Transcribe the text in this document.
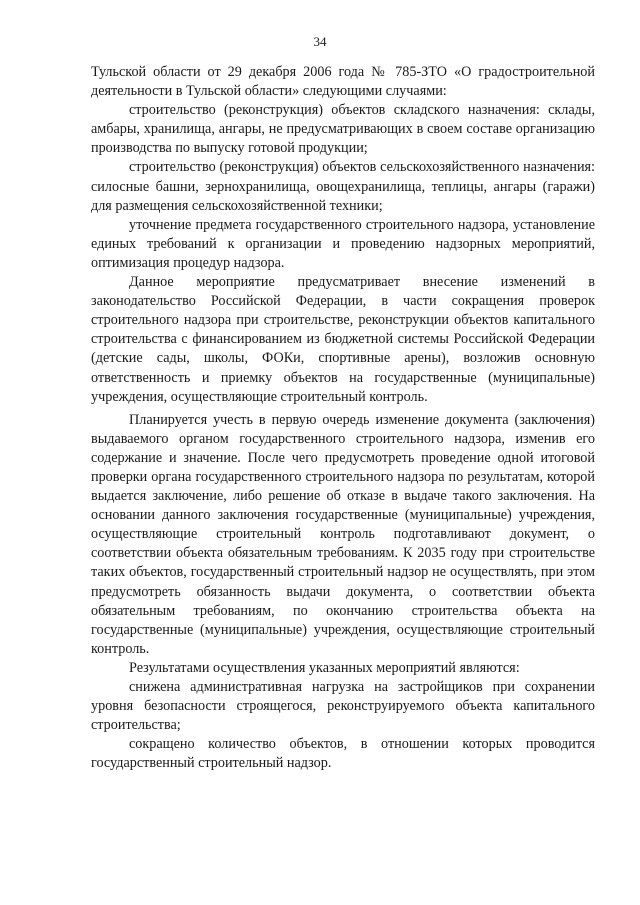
34

Тульской области от 29 декабря 2006 года № 785-ЗТО «О градостроительной деятельности в Тульской области» следующими случаями:

строительство (реконструкция) объектов складского назначения: склады, амбары, хранилища, ангары, не предусматривающих в своем составе организацию производства по выпуску готовой продукции;

строительство (реконструкция) объектов сельскохозяйственного назначения: силосные башни, зернохранилища, овощехранилища, теплицы, ангары (гаражи) для размещения сельскохозяйственной техники;

уточнение предмета государственного строительного надзора, установление единых требований к организации и проведению надзорных мероприятий, оптимизация процедур надзора.

Данное мероприятие предусматривает внесение изменений в законодательство Российской Федерации, в части сокращения проверок строительного надзора при строительстве, реконструкции объектов капитального строительства с финансированием из бюджетной системы Российской Федерации (детские сады, школы, ФОКи, спортивные арены), возложив основную ответственность и приемку объектов на государственные (муниципальные) учреждения, осуществляющие строительный контроль.

Планируется учесть в первую очередь изменение документа (заключения) выдаваемого органом государственного строительного надзора, изменив его содержание и значение. После чего предусмотреть проведение одной итоговой проверки органа государственного строительного надзора по результатам, которой выдается заключение, либо решение об отказе в выдаче такого заключения. На основании данного заключения государственные (муниципальные) учреждения, осуществляющие строительный контроль подготавливают документ, о соответствии объекта обязательным требованиям. К 2035 году при строительстве таких объектов, государственный строительный надзор не осуществлять, при этом предусмотреть обязанность выдачи документа, о соответствии объекта обязательным требованиям, по окончанию строительства объекта на государственные (муниципальные) учреждения, осуществляющие строительный контроль.

Результатами осуществления указанных мероприятий являются:

снижена административная нагрузка на застройщиков при сохранении уровня безопасности строящегося, реконструируемого объекта капитального строительства;

сокращено количество объектов, в отношении которых проводится государственный строительный надзор.
